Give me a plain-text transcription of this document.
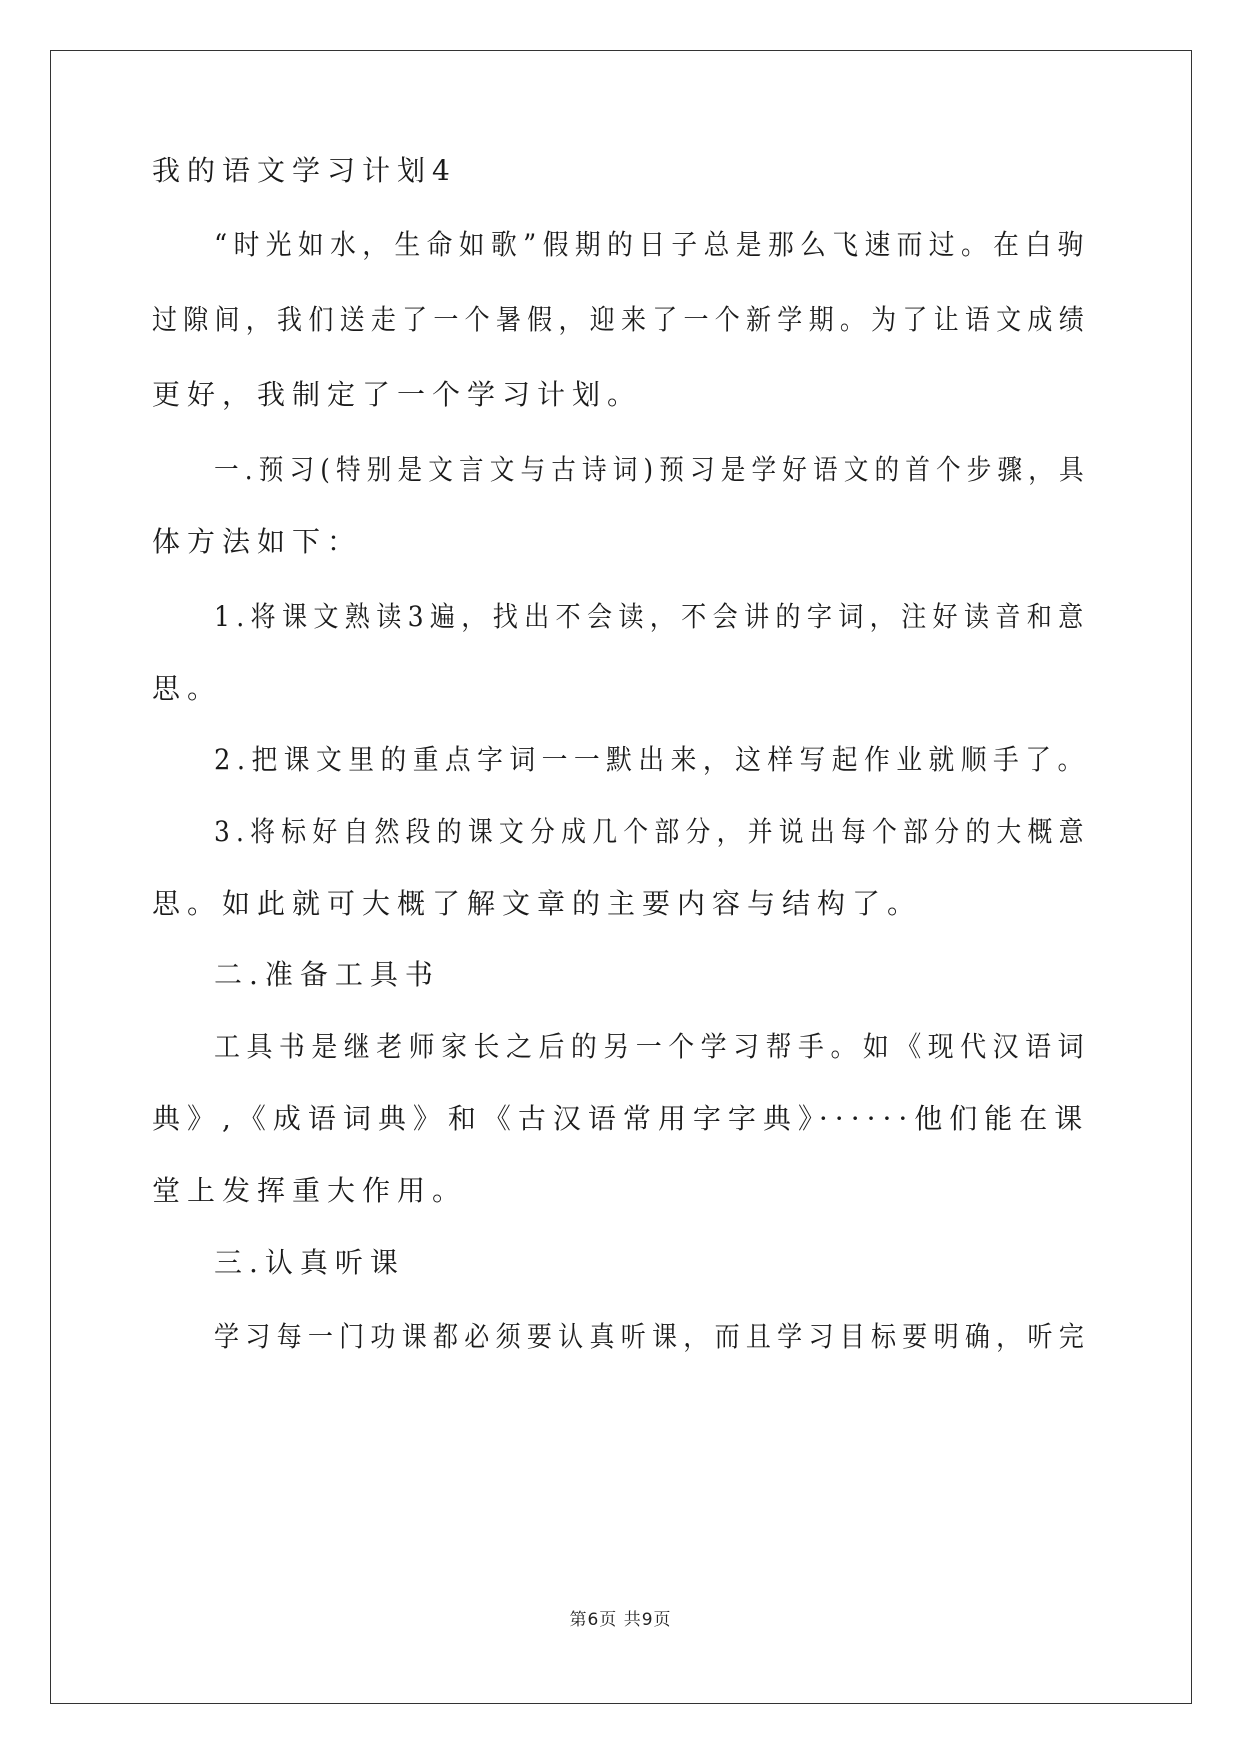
我的语文学习计划4
“时光如水，生命如歌”假期的日子总是那么飞速而过。在白驹
过隙间，我们送走了一个暑假，迎来了一个新学期。为了让语文成绩
更好，我制定了一个学习计划。
一.预习(特别是文言文与古诗词)预习是学好语文的首个步骤，具
体方法如下：
1.将课文熟读3遍，找出不会读，不会讲的字词，注好读音和意
思。
2.把课文里的重点字词一一默出来，这样写起作业就顺手了。
3.将标好自然段的课文分成几个部分，并说出每个部分的大概意
思。如此就可大概了解文章的主要内容与结构了。
二.准备工具书
工具书是继老师家长之后的另一个学习帮手。如《现代汉语词
典》,《成语词典》和《古汉语常用字字典》······他们能在课
堂上发挥重大作用。
三.认真听课
学习每一门功课都必须要认真听课，而且学习目标要明确，听完
第6页 共9页
